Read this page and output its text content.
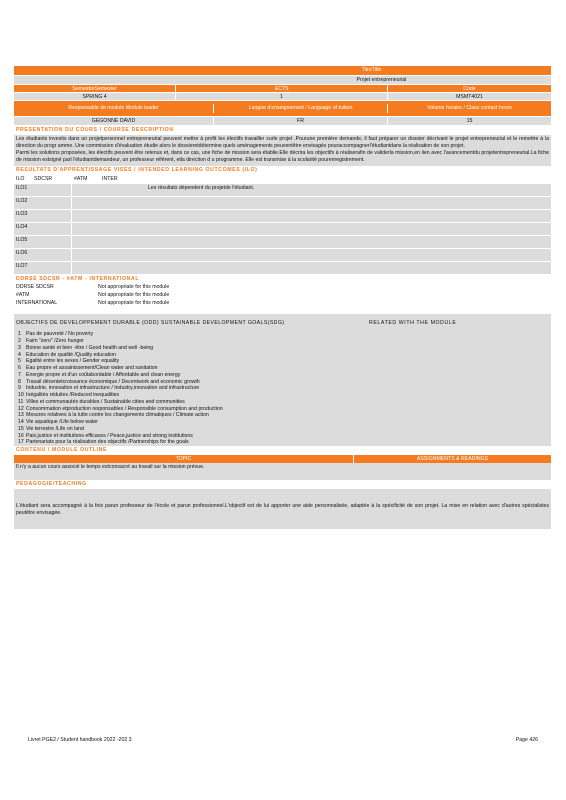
TitreTitle
Projet entrepreneurial
SemestreSemester	ECTS	Code
SPRING 4	1	MSMT4021
Responsable de module Module leader	Langue d'enseignement / Language of tuition	Volume horaire / Class contact hours
GEGONNE DAVID	FR	15
PRESENTATION DU COURS / COURSE DESCRIPTION

Les étudiants investis dans un projetpersonnel entrepreneurial peuvent mettre à profit les électifs travailler surle projet .Pourune première demande, il faut préparer un dossier décrivant le projet entrepreneurial et le remettre à la direction du progr amme. Une commission d'évaluation étudie alors le dossieretdétermine quels aménagements peuventêtre envisagés pouraccompagnerl'étudiantdans la réalisation de son projet.

Parmi les solutions proposées, les électifs peuvent être retenus et, dans ce cas, une fiche de mission sera établie.Elle décrira les objectifs à réaliserafin de validerla mission,en lien avec l'avancementdu projetentrepreneurial.La fiche de mission estsigné parl l'étudiantdemandeur, un professeur référent, etla direction d u programme. Elle est transmise à la scolarité pourenregistrement.

RESULTATS D'APPRENTISSAGE VISES / INTENDED LEARNING OUTCOMES (ILO)
ILO	SDCSR	#ATM	INTER
ILO1	Les résultats dépendent du projetde l'étudiant.
ILO2
ILO3
ILO4
ILO5
ILO6
ILO7
DDRSE SDCSR - #ATM - INTERNATIONAL
DDRSE SDCSR	Not appropriate for this module
#ATM	Not appropriate for this module
INTERNATIONAL	Not appropriate for this module
OBJECTIFS DE DEVELOPPEMENT DURABLE (ODD) SUSTAINABLE DEVELOPMENT GOALS(SDG)	RELATED WITH THE MODULE
1 Pas de pauvreté / No poverty
2 Faim "zero" /Zero hunger
3 Bonne santé et bien -être / Good health and well -being
4 Education de qualité /Quality education
5 Egalité entre les sexes / Gender equality
6 Eau propre et assainissement/Clean water and sanitation
7 Energie propre et d'un coûtabordable / Affordable and clean energy
8 Travail décentetcroissance économique / Decentwork and economic growth
9 Industrie, innovation et infrastructure / Industry,innovation and infrastructure
10 Inégalités réduites /Reduced inequalities
11 Villes et communautés durables / Sustainable cities and communities
12 Consommation etproduction responsables / Responsible consumption and production
13 Mesures relatives à la lutte contre les changements climatiques / Climate action
14 Vie aquatique /Life below water
15 Vie terrestre /Life on land
16 Paix,justice et institutions efficaces / Peace,justice and strong institutions
17 Partenariats pour la réalisation des objectifs /Partnerships for the goals
CONTENU / MODULE OUTLINE
TOPIC	ASSIGNMENTS & READINGS
Il n'y a aucun cours associé le temps estconsacré au travail sur la mission prévue.
PEDAGOGIE/TEACHING
L'étudiant sera accompagné à la fois parun professeur de l'école et parun professionnel.L'objectif est de lui apporter une aide personnalisée, adaptée à la spécificité de son projet. La mise en relation avec d'autres spécialistes peutêtre envisagée.
Livret PGE2 / Student handbook 2022 -202 3	Page 426
